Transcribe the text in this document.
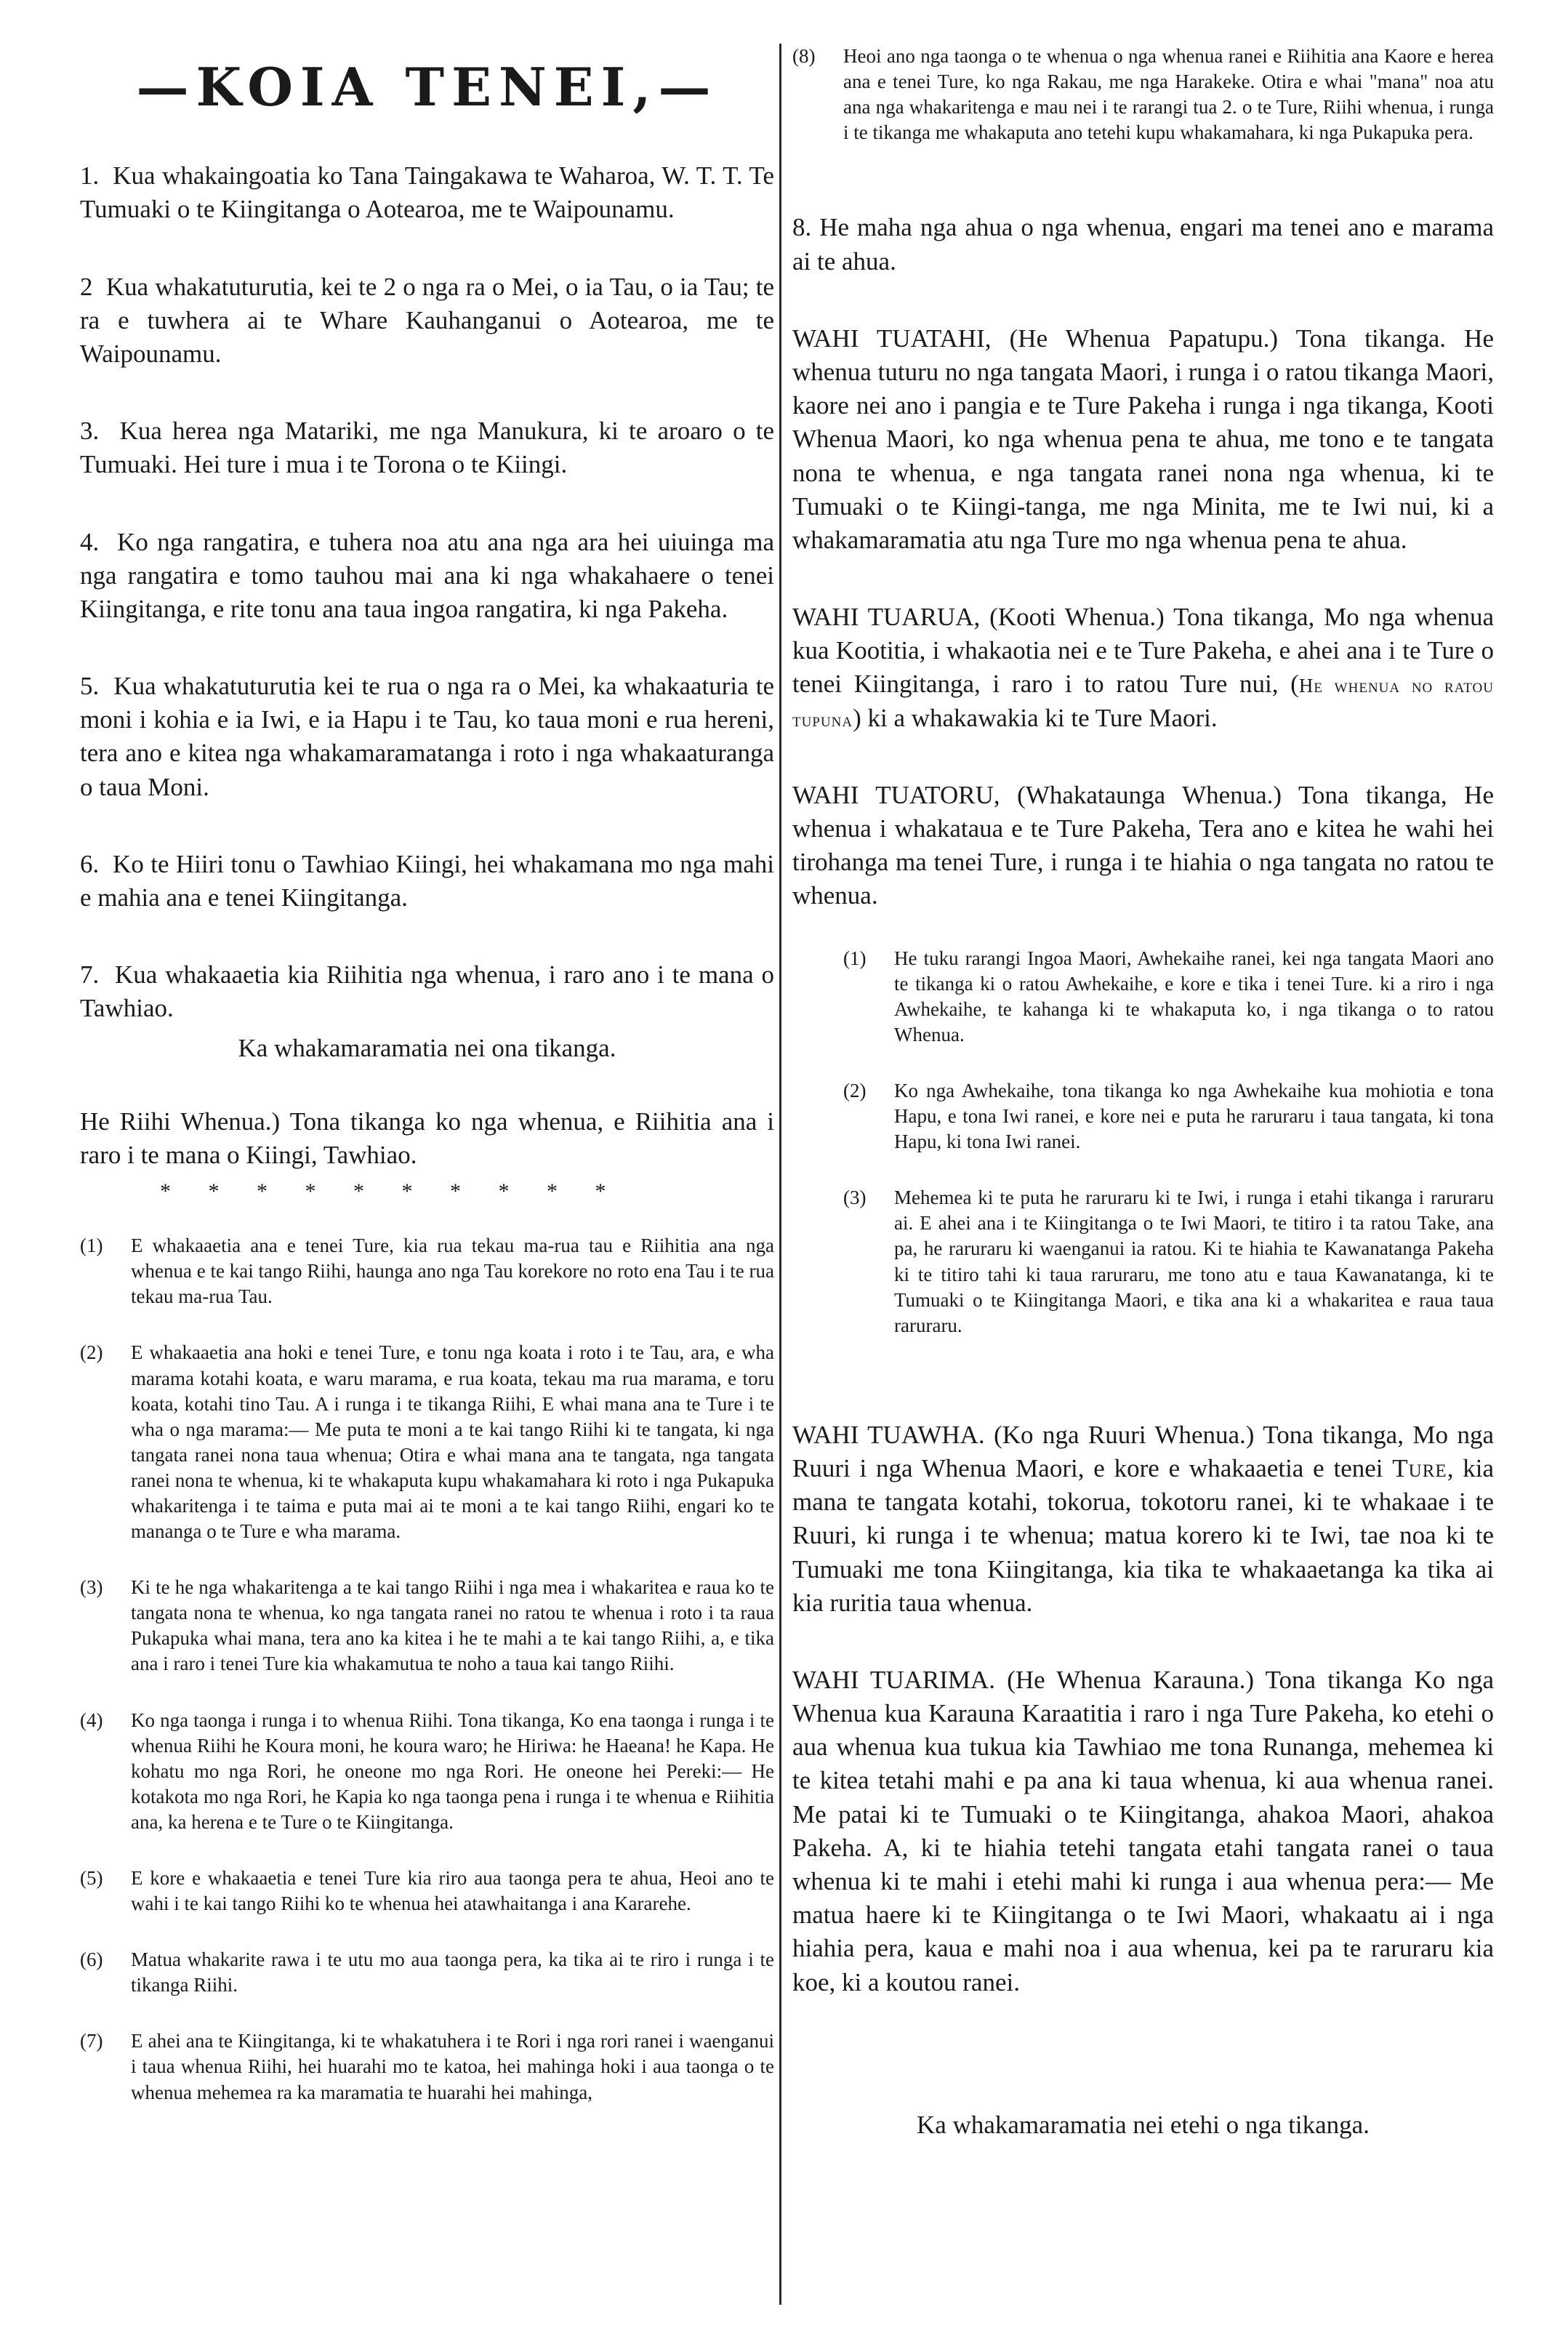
—KOIA TENEI,—

1. Kua whakaingoatia ko Tana Taingakawa te Waharoa, W. T. T. Te Tumuaki o te Kiingitanga o Aotearoa, me te Waipounamu.

2 Kua whakatuturutia, kei te 2 o nga ra o Mei, o ia Tau, o ia Tau; te ra e tuwhera ai te Whare Kauhanganui o Aotearoa, me te Waipounamu.

3. Kua herea nga Matariki, me nga Manukura, ki te aroaro o te Tumuaki. Hei ture i mua i te Torona o te Kiingi.

4. Ko nga rangatira, e tuhera noa atu ana nga ara hei uiuinga ma nga rangatira e tomo tauhou mai ana ki nga whakahaere o tenei Kiingitanga, e rite tonu ana taua ingoa rangatira, ki nga Pakeha.

5. Kua whakatuturutia kei te rua o nga ra o Mei, ka whakaaturia te moni i kohia e ia Iwi, e ia Hapu i te Tau, ko taua moni e rua hereni, tera ano e kitea nga whakamaramatanga i roto i nga whakaaturanga o taua Moni.

6. Ko te Hiiri tonu o Tawhiao Kiingi, hei whakamana mo nga mahi e mahia ana e tenei Kiingitanga.

7. Kua whakaaetia kia Riihitia nga whenua, i raro ano i te mana o Tawhiao.

Ka whakamaramatia nei ona tikanga.

He Riihi Whenua.) Tona tikanga ko nga whenua, e Riihitia ana i raro i te mana o Kiingi, Tawhiao.

* * * * * * * * * *
(1)	E whakaaetia ana e tenei Ture, kia rua tekau ma-rua tau e Riihitia ana nga whenua e te kai tango Riihi, haunga ano nga Tau korekore no roto ena Tau i te rua tekau ma-rua Tau.
(2)	E whakaaetia ana hoki e tenei Ture, e tonu nga koata i roto i te Tau, ara, e wha marama kotahi koata, e waru marama, e rua koata, tekau ma rua marama, e toru koata, kotahi tino Tau. A i runga i te tikanga Riihi, E whai mana ana te Ture i te wha o nga marama:— Me puta te moni a te kai tango Riihi ki te tangata, ki nga tangata ranei nona taua whenua; Otira e whai mana ana te tangata, nga tangata ranei nona te whenua, ki te whakaputa kupu whakamahara ki roto i nga Pukapuka whakaritenga i te taima e puta mai ai te moni a te kai tango Riihi, engari ko te mananga o te Ture e wha marama.
(3)	Ki te he nga whakaritenga a te kai tango Riihi i nga mea i whakaritea e raua ko te tangata nona te whenua, ko nga tangata ranei no ratou te whenua i roto i ta raua Pukapuka whai mana, tera ano ka kitea i he te mahi a te kai tango Riihi, a, e tika ana i raro i tenei Ture kia whakamutua te noho a taua kai tango Riihi.
(4)	Ko nga taonga i runga i to whenua Riihi. Tona tikanga, Ko ena taonga i runga i te whenua Riihi he Koura moni, he koura waro; he Hiriwa: he Haeana! he Kapa. He kohatu mo nga Rori, he oneone mo nga Rori. He oneone hei Pereki:— He kotakota mo nga Rori, he Kapia ko nga taonga pena i runga i te whenua e Riihitia ana, ka herena e te Ture o te Kiingitanga.
(5)	E kore e whakaaetia e tenei Ture kia riro aua taonga pera te ahua, Heoi ano te wahi i te kai tango Riihi ko te whenua hei atawhaitanga i ana Kararehe.
(6)	Matua whakarite rawa i te utu mo aua taonga pera, ka tika ai te riro i runga i te tikanga Riihi.
(7)	E ahei ana te Kiingitanga, ki te whakatuhera i te Rori i nga rori ranei i waenganui i taua whenua Riihi, hei huarahi mo te katoa, hei mahinga hoki i aua taonga o te whenua mehemea ra ka maramatia te huarahi hei mahinga,
(8)	Heoi ano nga taonga o te whenua o nga whenua ranei e Riihitia ana Kaore e herea ana e tenei Ture, ko nga Rakau, me nga Harakeke. Otira e whai "mana" noa atu ana nga whakaritenga e mau nei i te rarangi tua 2. o te Ture, Riihi whenua, i runga i te tikanga me whakaputa ano tetehi kupu whakamahara, ki nga Pukapuka pera.

8. He maha nga ahua o nga whenua, engari ma tenei ano e marama ai te ahua.

WAHI TUATAHI, (He Whenua Papatupu.) Tona tikanga. He whenua tuturu no nga tangata Maori, i runga i o ratou tikanga Maori, kaore nei ano i pangia e te Ture Pakeha i runga i nga tikanga, Kooti Whenua Maori, ko nga whenua pena te ahua, me tono e te tangata nona te whenua, e nga tangata ranei nona nga whenua, ki te Tumuaki o te Kiingi-tanga, me nga Minita, me te Iwi nui, ki a whakamaramatia atu nga Ture mo nga whenua pena te ahua.

WAHI TUARUA, (Kooti Whenua.) Tona tikanga, Mo nga whenua kua Kootitia, i whakaotia nei e te Ture Pakeha, e ahei ana i te Ture o tenei Kiingitanga, i raro i to ratou Ture nui, (He whenua no ratou tupuna) ki a whakawakia ki te Ture Maori.

WAHI TUATORU, (Whakataunga Whenua.) Tona tikanga, He whenua i whakataua e te Ture Pakeha, Tera ano e kitea he wahi hei tirohanga ma tenei Ture, i runga i te hiahia o nga tangata no ratou te whenua.

(1)	He tuku rarangi Ingoa Maori, Awhekaihe ranei, kei nga tangata Maori ano te tikanga ki o ratou Awhekaihe, e kore e tika i tenei Ture. ki a riro i nga Awhekaihe, te kahanga ki te whakaputa ko, i nga tikanga o to ratou Whenua.
(2)	Ko nga Awhekaihe, tona tikanga ko nga Awhekaihe kua mohiotia e tona Hapu, e tona Iwi ranei, e kore nei e puta he raruraru i taua tangata, ki tona Hapu, ki tona Iwi ranei.
(3)	Mehemea ki te puta he raruraru ki te Iwi, i runga i etahi tikanga i raruraru ai. E ahei ana i te Kiingitanga o te Iwi Maori, te titiro i ta ratou Take, ana pa, he raruraru ki waenganui ia ratou. Ki te hiahia te Kawanatanga Pakeha ki te titiro tahi ki taua raruraru, me tono atu e taua Kawanatanga, ki te Tumuaki o te Kiingitanga Maori, e tika ana ki a whakaritea e raua taua raruraru.

WAHI TUAWHA. (Ko nga Ruuri Whenua.) Tona tikanga, Mo nga Ruuri i nga Whenua Maori, e kore e whakaaetia e tenei Ture, kia mana te tangata kotahi, tokorua, tokotoru ranei, ki te whakaae i te Ruuri, ki runga i te whenua; matua korero ki te Iwi, tae noa ki te Tumuaki me tona Kiingitanga, kia tika te whakaaetanga ka tika ai kia ruritia taua whenua.

WAHI TUARIMA. (He Whenua Karauna.) Tona tikanga Ko nga Whenua kua Karauna Karaatitia i raro i nga Ture Pakeha, ko etehi o aua whenua kua tukua kia Tawhiao me tona Runanga, mehemea ki te kitea tetahi mahi e pa ana ki taua whenua, ki aua whenua ranei. Me patai ki te Tumuaki o te Kiingitanga, ahakoa Maori, ahakoa Pakeha. A, ki te hiahia tetehi tangata etahi tangata ranei o taua whenua ki te mahi i etehi mahi ki runga i aua whenua pera:— Me matua haere ki te Kiingitanga o te Iwi Maori, whakaatu ai i nga hiahia pera, kaua e mahi noa i aua whenua, kei pa te raruraru kia koe, ki a koutou ranei.

Ka whakamaramatia nei etehi o nga tikanga.
